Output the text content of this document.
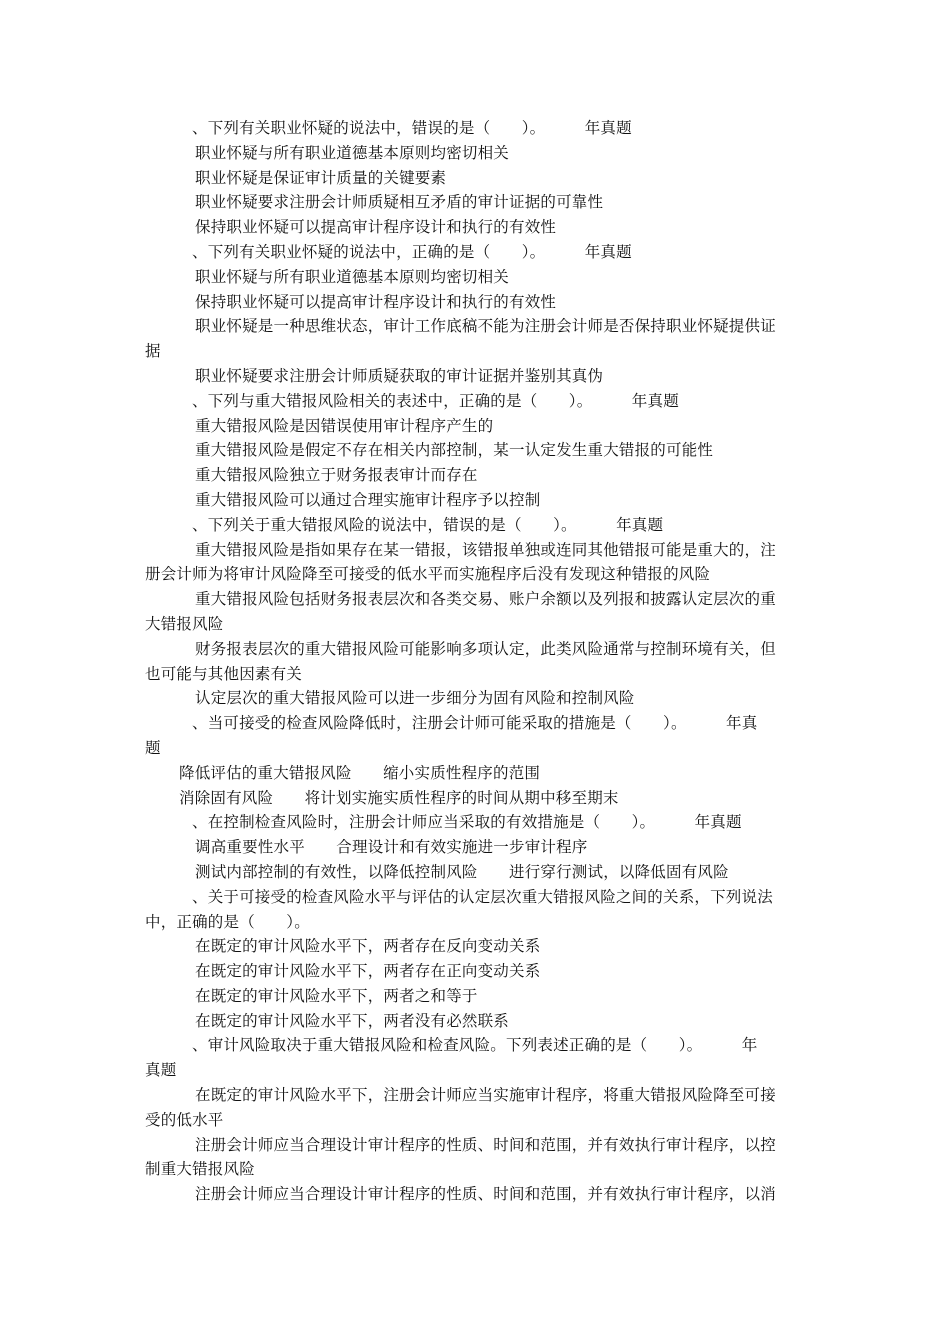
、下列有关职业怀疑的说法中，错误的是（　　）。　　　年真题
职业怀疑与所有职业道德基本原则均密切相关
职业怀疑是保证审计质量的关键要素
职业怀疑要求注册会计师质疑相互矛盾的审计证据的可靠性
保持职业怀疑可以提高审计程序设计和执行的有效性
、下列有关职业怀疑的说法中，正确的是（　　）。　　　年真题
职业怀疑与所有职业道德基本原则均密切相关
保持职业怀疑可以提高审计程序设计和执行的有效性
职业怀疑是一种思维状态，审计工作底稿不能为注册会计师是否保持职业怀疑提供证
据
职业怀疑要求注册会计师质疑获取的审计证据并鉴别其真伪
、下列与重大错报风险相关的表述中，正确的是（　　）。　　　年真题
重大错报风险是因错误使用审计程序产生的
重大错报风险是假定不存在相关内部控制，某一认定发生重大错报的可能性
重大错报风险独立于财务报表审计而存在
重大错报风险可以通过合理实施审计程序予以控制
、下列关于重大错报风险的说法中，错误的是（　　）。　　　年真题
重大错报风险是指如果存在某一错报，该错报单独或连同其他错报可能是重大的，注
册会计师为将审计风险降至可接受的低水平而实施程序后没有发现这种错报的风险
重大错报风险包括财务报表层次和各类交易、账户余额以及列报和披露认定层次的重
大错报风险
财务报表层次的重大错报风险可能影响多项认定，此类风险通常与控制环境有关，但
也可能与其他因素有关
认定层次的重大错报风险可以进一步细分为固有风险和控制风险
、当可接受的检查风险降低时，注册会计师可能采取的措施是（　　）。　　　年真
题
降低评估的重大错报风险　　缩小实质性程序的范围
消除固有风险　　将计划实施实质性程序的时间从期中移至期末
、在控制检查风险时，注册会计师应当采取的有效措施是（　　）。　　　年真题
调高重要性水平　　合理设计和有效实施进一步审计程序
测试内部控制的有效性，以降低控制风险　　进行穿行测试，以降低固有风险
、关于可接受的检查风险水平与评估的认定层次重大错报风险之间的关系，下列说法
中，正确的是（　　）。
在既定的审计风险水平下，两者存在反向变动关系
在既定的审计风险水平下，两者存在正向变动关系
在既定的审计风险水平下，两者之和等于
在既定的审计风险水平下，两者没有必然联系
、审计风险取决于重大错报风险和检查风险。下列表述正确的是（　　）。　　　年
真题
在既定的审计风险水平下，注册会计师应当实施审计程序，将重大错报风险降至可接
受的低水平
注册会计师应当合理设计审计程序的性质、时间和范围，并有效执行审计程序，以控
制重大错报风险
注册会计师应当合理设计审计程序的性质、时间和范围，并有效执行审计程序，以消
